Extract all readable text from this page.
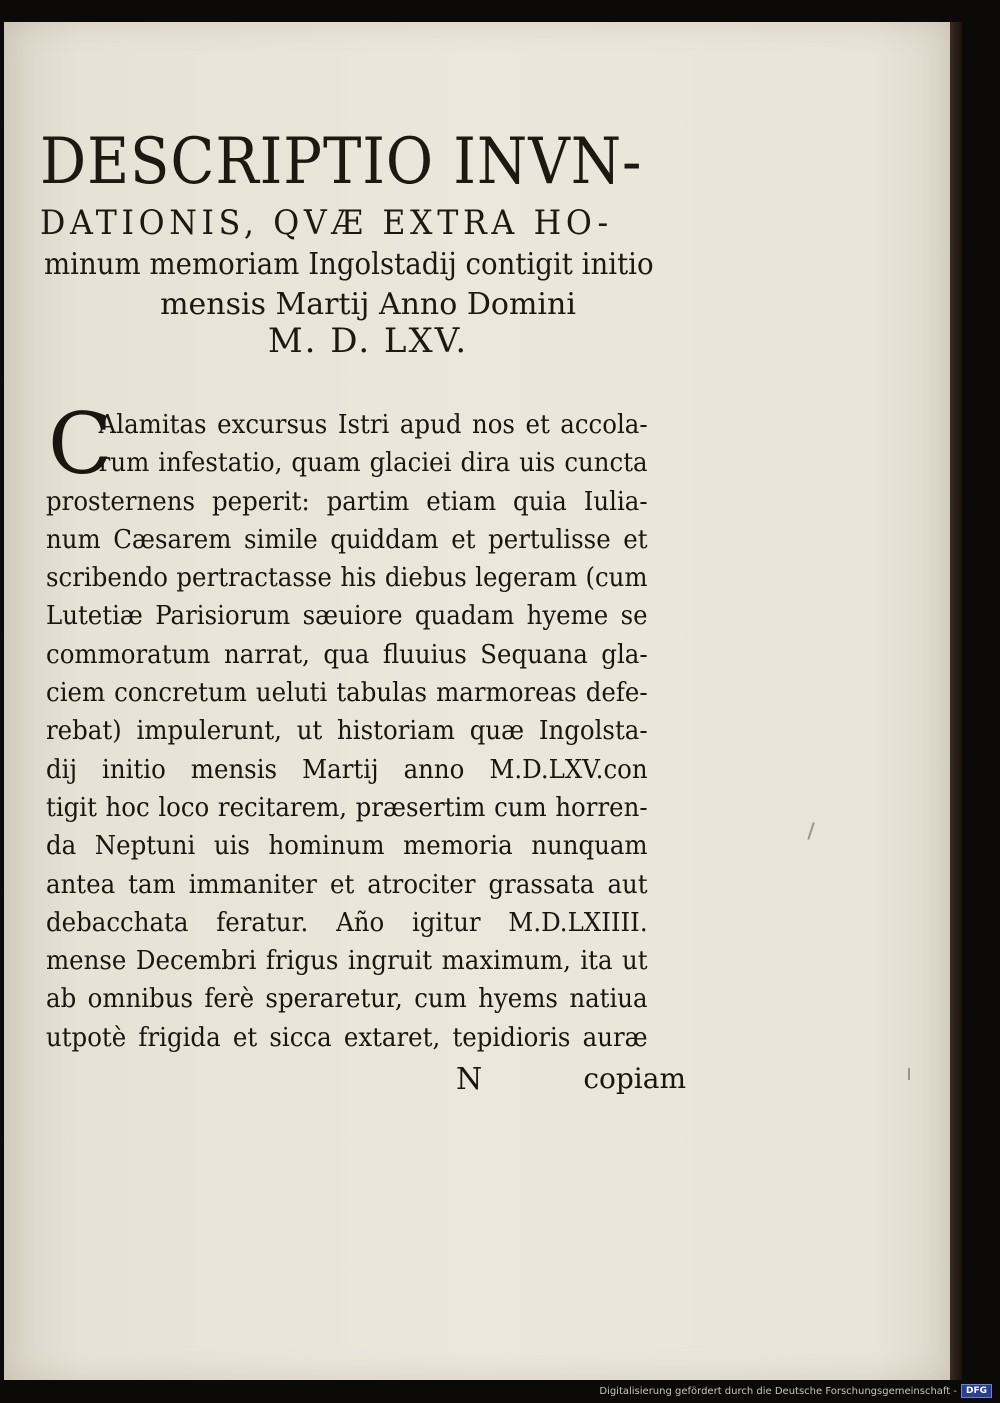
DESCRIPTIO INVN-
DATIONIS, QVÆ EXTRA HO-
minum memoriam Ingolstadij contigit initio
mensis Martij Anno Domini
M. D. LXV.
C
Alamitas excursus Istri apud nos et accola-
rum infestatio, quam glaciei dira uis cuncta
prosternens peperit: partim etiam quia Iulia-
num Cæsarem simile quiddam et pertulisse et
scribendo pertractasse his diebus legeram (cum
Lutetiæ Parisiorum sæuiore quadam hyeme se
commoratum narrat, qua fluuius Sequana gla-
ciem concretum ueluti tabulas marmoreas defe-
rebat) impulerunt, ut historiam quæ Ingolsta-
dij initio mensis Martij anno M.D.LXV.con
tigit hoc loco recitarem, præsertim cum horren-
da Neptuni uis hominum memoria nunquam
antea tam immaniter et atrociter grassata aut
debacchata feratur. Año igitur M.D.LXIIII.
mense Decembri frigus ingruit maximum, ita ut
ab omnibus ferè speraretur, cum hyems natiua
utpotè frigida et sicca extaret, tepidioris auræ
N	copiam
Digitalisierung gefördert durch die Deutsche Forschungsgemeinschaft -	DFG
